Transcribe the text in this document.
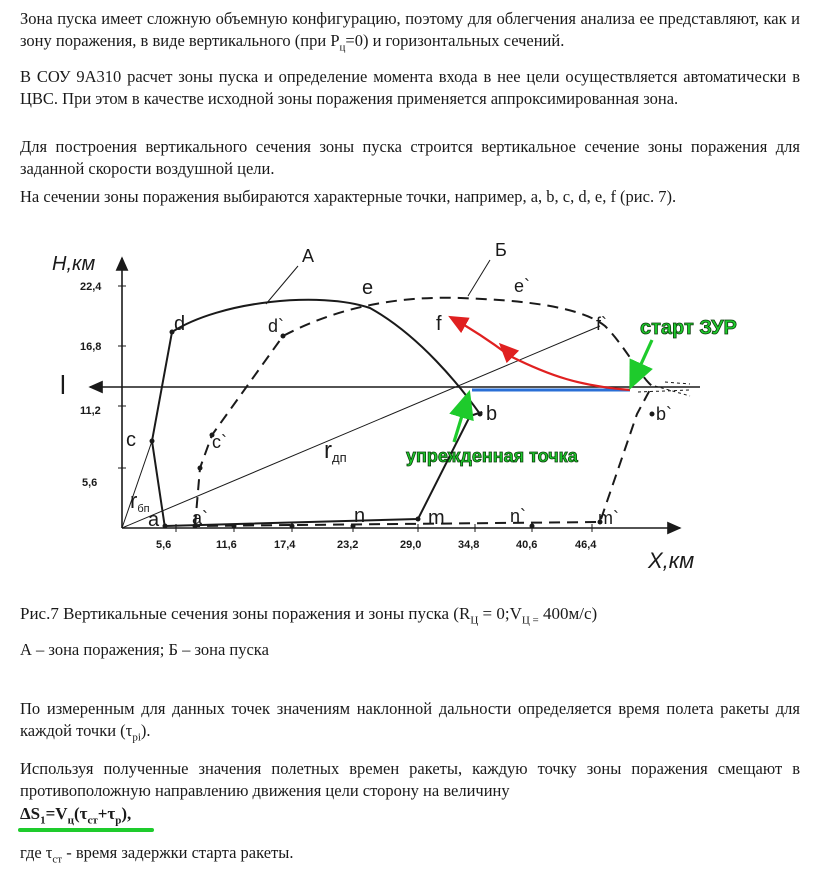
Зона пуска имеет сложную объемную конфигурацию, поэтому для облегчения анализа ее представляют, как и зону поражения, в виде вертикального (при $P_ц=0$) и горизонтальных сечений.

В СОУ 9А310 расчет зоны пуска и определение момента входа в нее цели осуществляется автоматически в ЦВС. При этом в качестве исходной зоны поражения применяется аппроксимированная зона.

Для построения вертикального сечения зоны пуска строится вертикальное сечение зоны поражения для заданной скорости воздушной цели.

На сечении зоны поражения выбираются характерные точки, например, a, b, c, d, e, f (рис. 7).

Н,км
Х,км
22,4
16,8
11,2
5,6
5,6	11,6	17,4	23,2	29,0	34,8	40,6	46,4
l
А	Б
a
b
c
d
e
f
m
n
a`
b`
c`
d`
e`
f`
m`
n`
rдп
rбп
старт ЗУР
упрежденная точка

Рис.7 Вертикальные сечения зоны поражения и зоны пуска ($R_Ц$ = $0;V_{Ц =}$ 400м/с)

А – зона поражения; Б – зона пуска

По измеренным для данных точек значениям наклонной дальности определяется время полета ракеты для каждой точки $(\tau_{pi})$.

Используя полученные значения полетных времен ракеты, каждую точку зоны поражения смещают в противоположную направлению движения цели сторону на величину

$\Delta S_1=V_ц(\tau_{ст}+\tau_р)$,

где $\tau_{ст}$ - время задержки старта ракеты.
